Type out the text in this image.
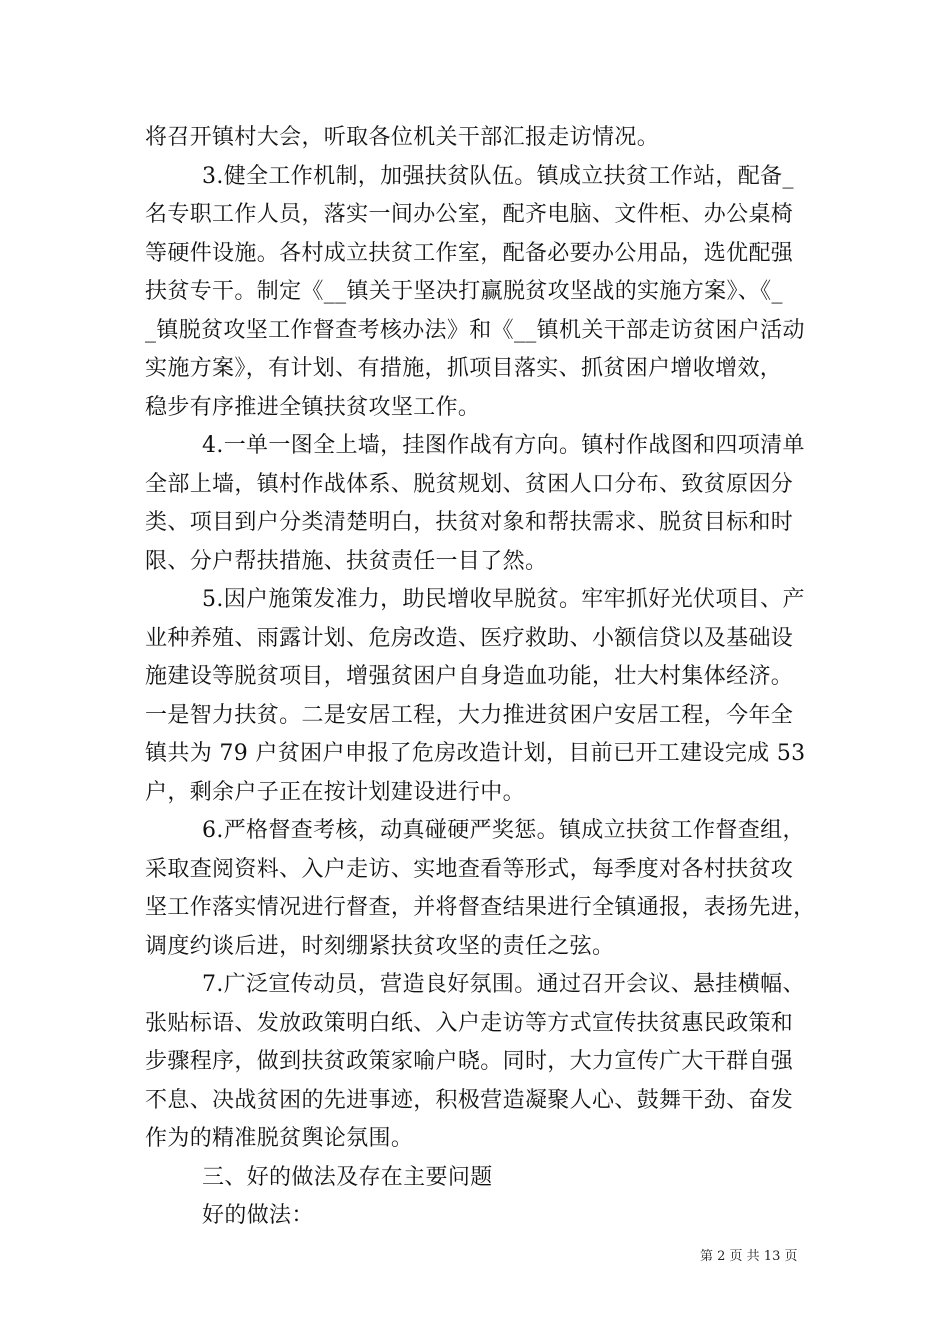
将召开镇村大会，听取各位机关干部汇报走访情况。
3.健全工作机制，加强扶贫队伍。镇成立扶贫工作站，配备_
名专职工作人员，落实一间办公室，配齐电脑、文件柜、办公桌椅
等硬件设施。各村成立扶贫工作室，配备必要办公用品，选优配强
扶贫专干。制定《__镇关于坚决打赢脱贫攻坚战的实施方案》、《_
_镇脱贫攻坚工作督查考核办法》和《__镇机关干部走访贫困户活动
实施方案》，有计划、有措施，抓项目落实、抓贫困户增收增效，
稳步有序推进全镇扶贫攻坚工作。
4.一单一图全上墙，挂图作战有方向。镇村作战图和四项清单
全部上墙，镇村作战体系、脱贫规划、贫困人口分布、致贫原因分
类、项目到户分类清楚明白，扶贫对象和帮扶需求、脱贫目标和时
限、分户帮扶措施、扶贫责任一目了然。
5.因户施策发准力，助民增收早脱贫。牢牢抓好光伏项目、产
业种养殖、雨露计划、危房改造、医疗救助、小额信贷以及基础设
施建设等脱贫项目，增强贫困户自身造血功能，壮大村集体经济。
一是智力扶贫。二是安居工程，大力推进贫困户安居工程，今年全
镇共为 79 户贫困户申报了危房改造计划，目前已开工建设完成 53
户，剩余户子正在按计划建设进行中。
6.严格督查考核，动真碰硬严奖惩。镇成立扶贫工作督查组，
采取查阅资料、入户走访、实地查看等形式，每季度对各村扶贫攻
坚工作落实情况进行督查，并将督查结果进行全镇通报，表扬先进，
调度约谈后进，时刻绷紧扶贫攻坚的责任之弦。
7.广泛宣传动员，营造良好氛围。通过召开会议、悬挂横幅、
张贴标语、发放政策明白纸、入户走访等方式宣传扶贫惠民政策和
步骤程序，做到扶贫政策家喻户晓。同时，大力宣传广大干群自强
不息、决战贫困的先进事迹，积极营造凝聚人心、鼓舞干劲、奋发
作为的精准脱贫舆论氛围。
三、好的做法及存在主要问题
好的做法：
第 2 页 共 13 页
